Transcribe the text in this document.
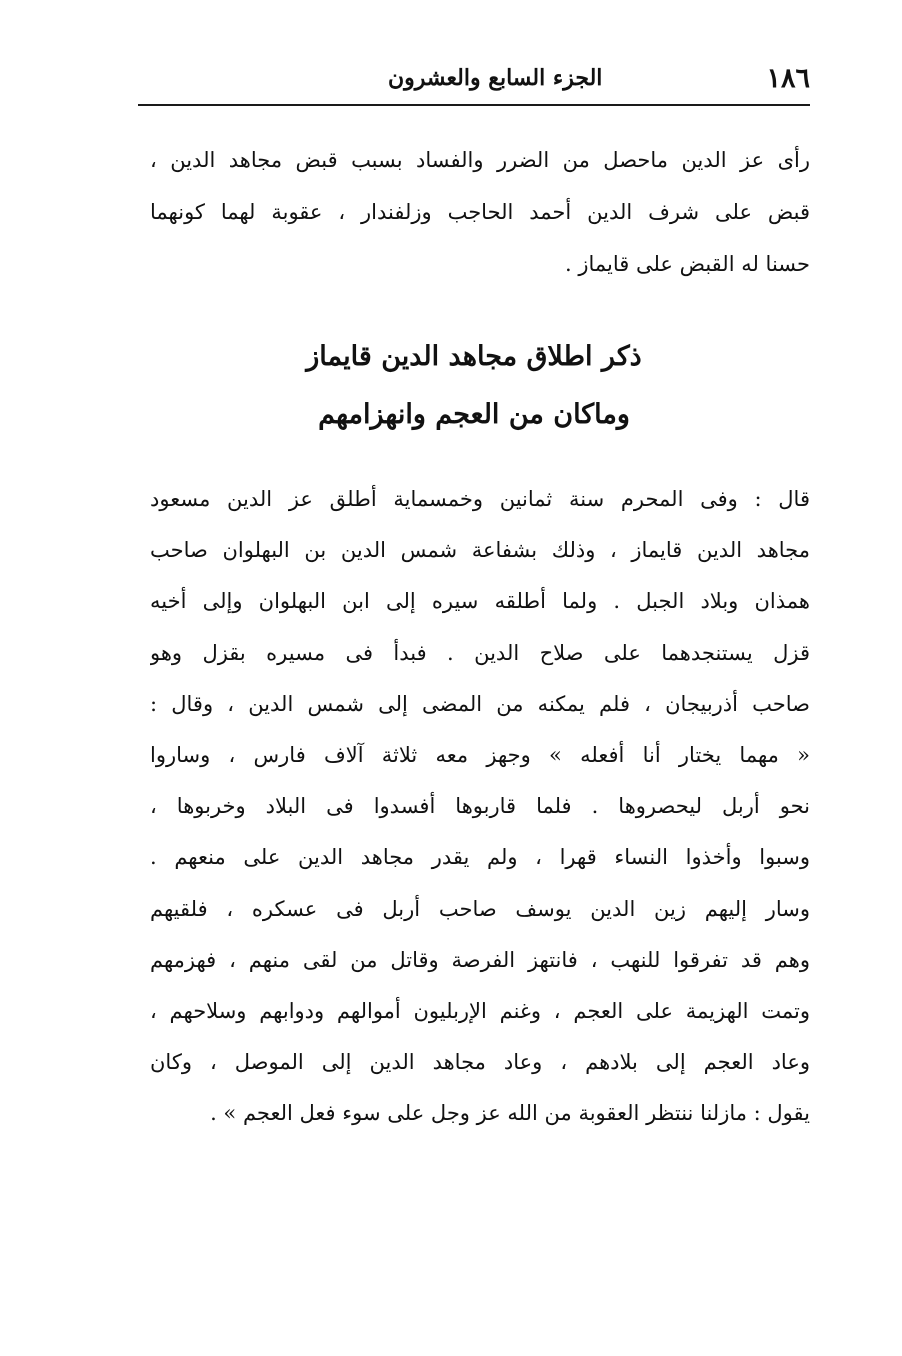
١٨٦
الجزء السابع والعشرون
رأى عز الدين ماحصل من الضرر والفساد بسبب قبض مجاهد الدين ،
قبض على شرف الدين أحمد الحاجب وزلفندار ، عقوبة لهما كونهما
حسنا له القبض على قايماز .
ذكر اطلاق مجاهد الدين قايماز
وماكان من العجم وانهزامهم
قال : وفى المحرم سنة ثمانين وخمسماية أطلق عز الدين مسعود
مجاهد الدين قايماز ، وذلك بشفاعة شمس الدين بن البهلوان صاحب
همذان وبلاد الجبل . ولما أطلقه سيره إلى ابن البهلوان وإلى أخيه
قزل يستنجدهما على صلاح الدين . فبدأ فى مسيره بقزل وهو
صاحب أذربيجان ، فلم يمكنه من المضى إلى شمس الدين ، وقال :
« مهما يختار أنا أفعله » وجهز معه ثلاثة آلاف فارس ، وساروا
نحو أربل ليحصروها . فلما قاربوها أفسدوا فى البلاد وخربوها ،
وسبوا وأخذوا النساء قهرا ، ولم يقدر مجاهد الدين على منعهم .
وسار إليهم زين الدين يوسف صاحب أربل فى عسكره ، فلقيهم
وهم قد تفرقوا للنهب ، فانتهز الفرصة وقاتل من لقى منهم ، فهزمهم
وتمت الهزيمة على العجم ، وغنم الإربليون أموالهم ودوابهم وسلاحهم ،
وعاد العجم إلى بلادهم ، وعاد مجاهد الدين إلى الموصل ، وكان
يقول : مازلنا ننتظر العقوبة من الله عز وجل على سوء فعل العجم » .
